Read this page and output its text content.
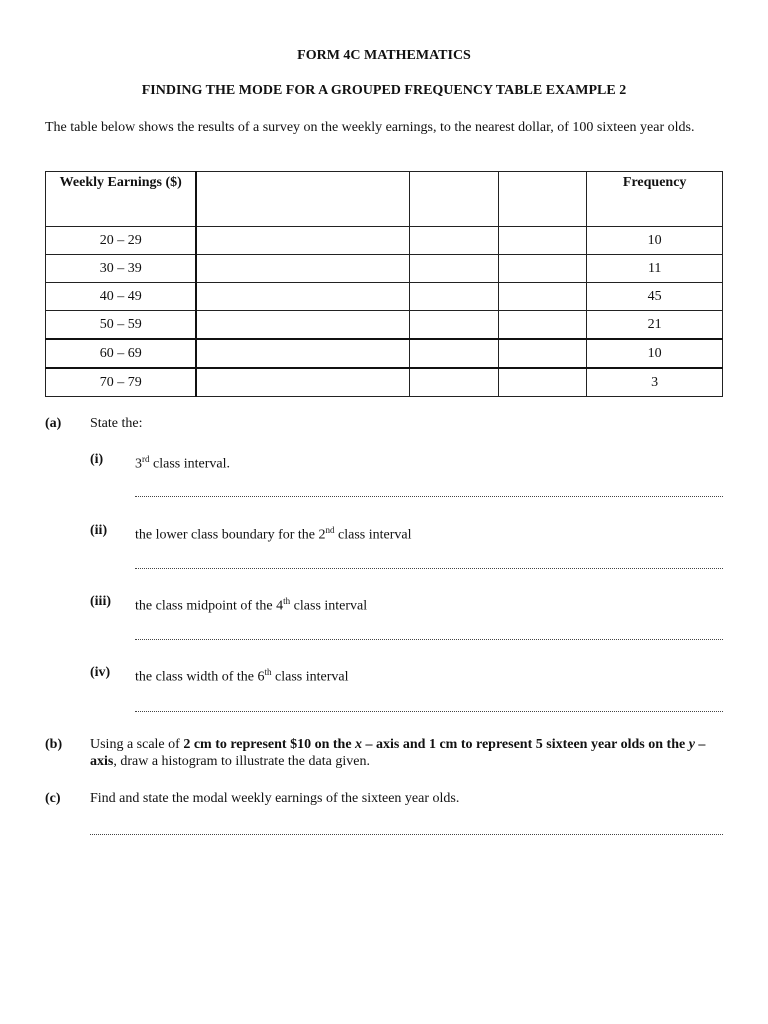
FORM 4C MATHEMATICS
FINDING THE MODE FOR A GROUPED FREQUENCY TABLE EXAMPLE 2
The table below shows the results of a survey on the weekly earnings, to the nearest dollar, of 100 sixteen year olds.
Weekly Earnings ($)				Frequency
20 – 29				10
30 – 39				11
40 – 49				45
50 – 59				21
60 – 69				10
70 – 79				3
(a) State the:
(i) 3rd class interval.
(ii) the lower class boundary for the 2nd class interval
(iii) the class midpoint of the 4th class interval
(iv) the class width of the 6th class interval
(b) Using a scale of 2 cm to represent $10 on the x – axis and 1 cm to represent 5 sixteen year olds on the y – axis, draw a histogram to illustrate the data given.
(c) Find and state the modal weekly earnings of the sixteen year olds.
